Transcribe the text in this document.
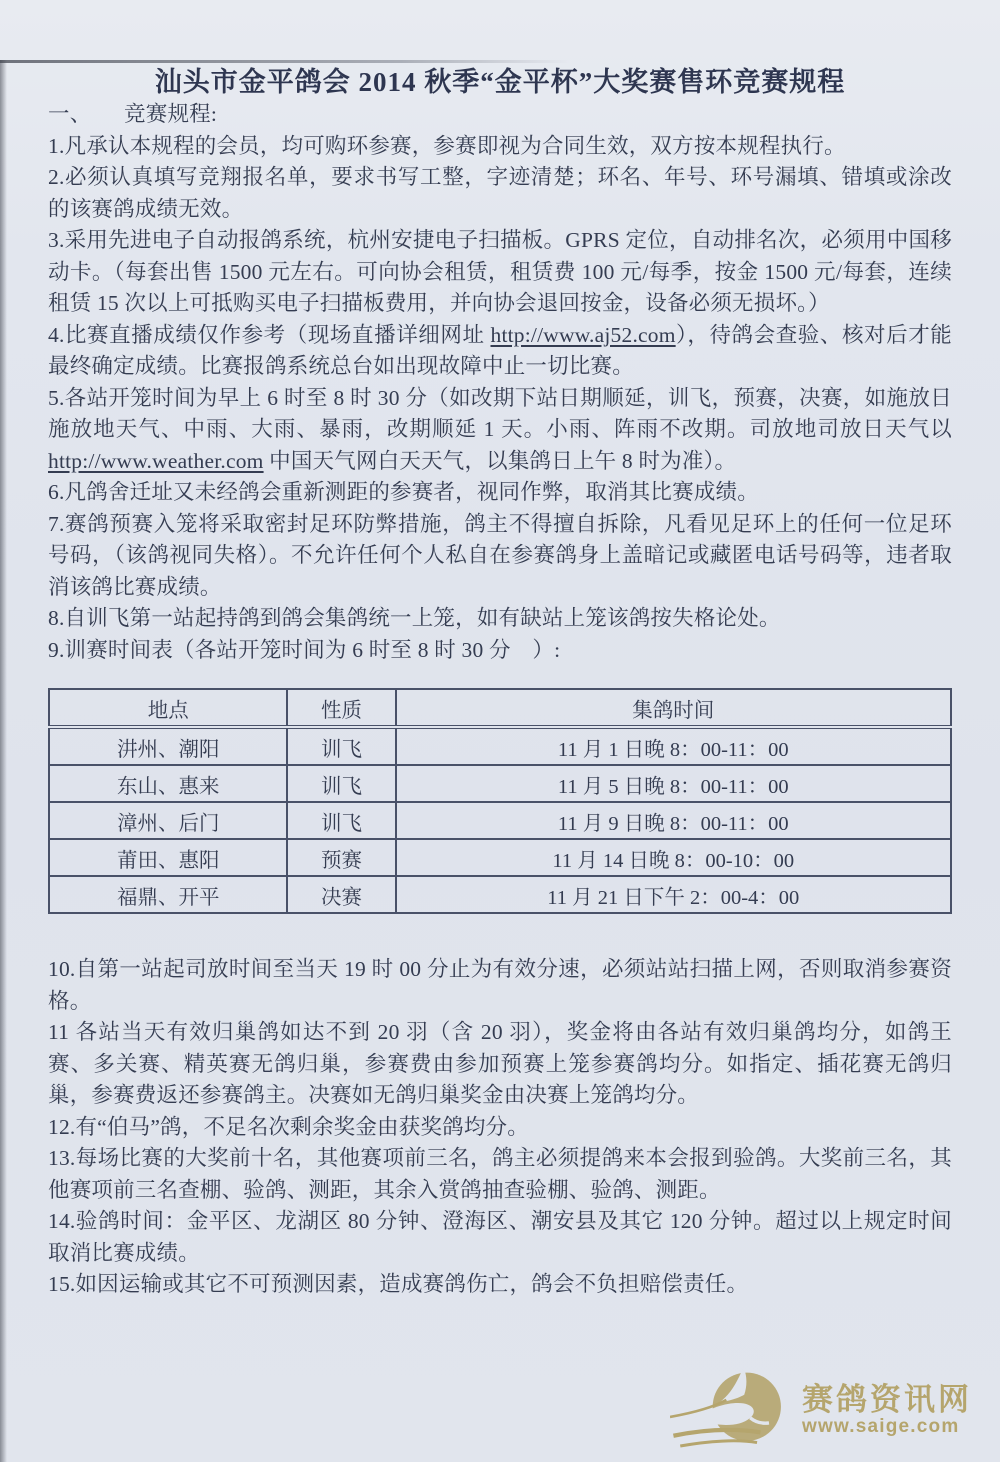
汕头市金平鸽会 2014 秋季“金平杯”大奖赛售环竞赛规程

一、　　竞赛规程:

1.凡承认本规程的会员，均可购环参赛，参赛即视为合同生效，双方按本规程执行。

2.必须认真填写竞翔报名单，要求书写工整，字迹清楚；环名、年号、环号漏填、错填或涂改的该赛鸽成绩无效。

3.采用先进电子自动报鸽系统，杭州安捷电子扫描板。GPRS 定位，自动排名次，必须用中国移动卡。（每套出售 1500 元左右。可向协会租赁，租赁费 100 元/每季，按金 1500 元/每套，连续租赁 15 次以上可抵购买电子扫描板费用，并向协会退回按金，设备必须无损坏。）

4.比赛直播成绩仅作参考（现场直播详细网址 http://www.aj52.com），待鸽会查验、核对后才能最终确定成绩。比赛报鸽系统总台如出现故障中止一切比赛。

5.各站开笼时间为早上 6 时至 8 时 30 分（如改期下站日期顺延，训飞，预赛，决赛，如施放日施放地天气、中雨、大雨、暴雨，改期顺延 1 天。小雨、阵雨不改期。司放地司放日天气以 http://www.weather.com 中国天气网白天天气，以集鸽日上午 8 时为准）。

6.凡鸽舍迁址又未经鸽会重新测距的参赛者，视同作弊，取消其比赛成绩。

7.赛鸽预赛入笼将采取密封足环防弊措施，鸽主不得擅自拆除，凡看见足环上的任何一位足环号码，（该鸽视同失格）。不允许任何个人私自在参赛鸽身上盖暗记或藏匿电话号码等，违者取消该鸽比赛成绩。

8.自训飞第一站起持鸽到鸽会集鸽统一上笼，如有缺站上笼该鸽按失格论处。

9.训赛时间表（各站开笼时间为 6 时至 8 时 30 分　）:

地点	性质	集鸽时间
汫州、潮阳	训飞	11 月 1 日晚 8：00-11：00
东山、惠来	训飞	11 月 5 日晚 8：00-11：00
漳州、后门	训飞	11 月 9 日晚 8：00-11：00
莆田、惠阳	预赛	11 月 14 日晚 8：00-10：00
福鼎、开平	决赛	11 月 21 日下午 2：00-4：00

10.自第一站起司放时间至当天 19 时 00 分止为有效分速，必须站站扫描上网，否则取消参赛资格。

11 各站当天有效归巢鸽如达不到 20 羽（含 20 羽），奖金将由各站有效归巢鸽均分，如鸽王赛、多关赛、精英赛无鸽归巢，参赛费由参加预赛上笼参赛鸽均分。如指定、插花赛无鸽归巢，参赛费返还参赛鸽主。决赛如无鸽归巢奖金由决赛上笼鸽均分。

12.有“伯马”鸽，不足名次剩余奖金由获奖鸽均分。

13.每场比赛的大奖前十名，其他赛项前三名，鸽主必须提鸽来本会报到验鸽。大奖前三名，其他赛项前三名查棚、验鸽、测距，其余入赏鸽抽查验棚、验鸽、测距。

14.验鸽时间：金平区、龙湖区 80 分钟、澄海区、潮安县及其它 120 分钟。超过以上规定时间取消比赛成绩。

15.如因运输或其它不可预测因素，造成赛鸽伤亡，鸽会不负担赔偿责任。

赛鸽资讯网
www.saige.com
